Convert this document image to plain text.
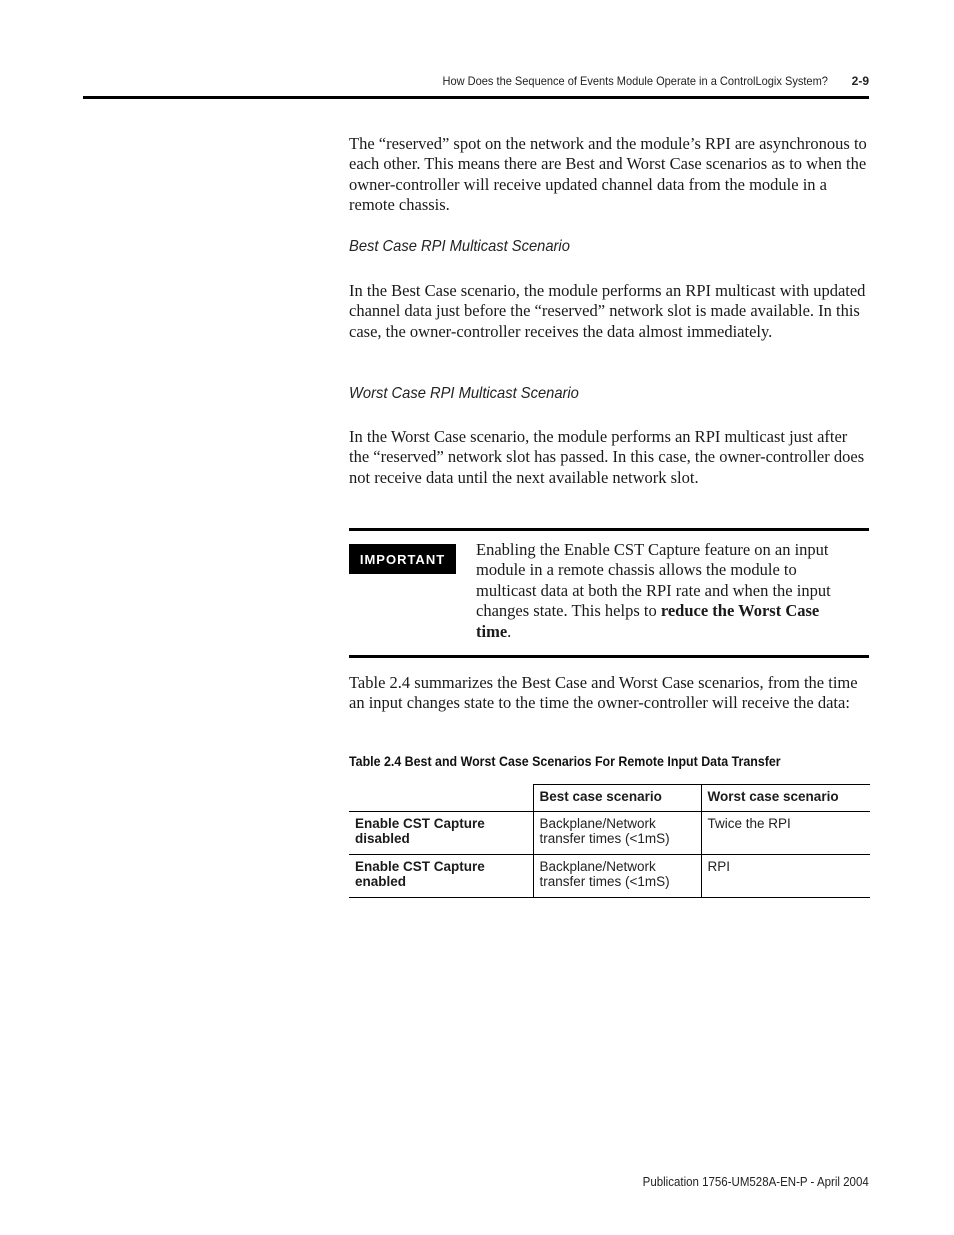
How Does the Sequence of Events Module Operate in a ControlLogix System? 2-9

The “reserved” spot on the network and the module’s RPI are asynchronous to each other. This means there are Best and Worst Case scenarios as to when the owner-controller will receive updated channel data from the module in a remote chassis.

Best Case RPI Multicast Scenario

In the Best Case scenario, the module performs an RPI multicast with updated channel data just before the “reserved” network slot is made available. In this case, the owner-controller receives the data almost immediately.

Worst Case RPI Multicast Scenario

In the Worst Case scenario, the module performs an RPI multicast just after the “reserved” network slot has passed. In this case, the owner-controller does not receive data until the next available network slot.

IMPORTANT	Enabling the Enable CST Capture feature on an input module in a remote chassis allows the module to multicast data at both the RPI rate and when the input changes state. This helps to reduce the Worst Case time.

Table 2.4 summarizes the Best Case and Worst Case scenarios, from the time an input changes state to the time the owner-controller will receive the data:

Table 2.4 Best and Worst Case Scenarios For Remote Input Data Transfer
	Best case scenario	Worst case scenario
Enable CST Capture disabled	Backplane/Network transfer times (<1mS)	Twice the RPI
Enable CST Capture enabled	Backplane/Network transfer times (<1mS)	RPI
Publication 1756-UM528A-EN-P - April 2004
